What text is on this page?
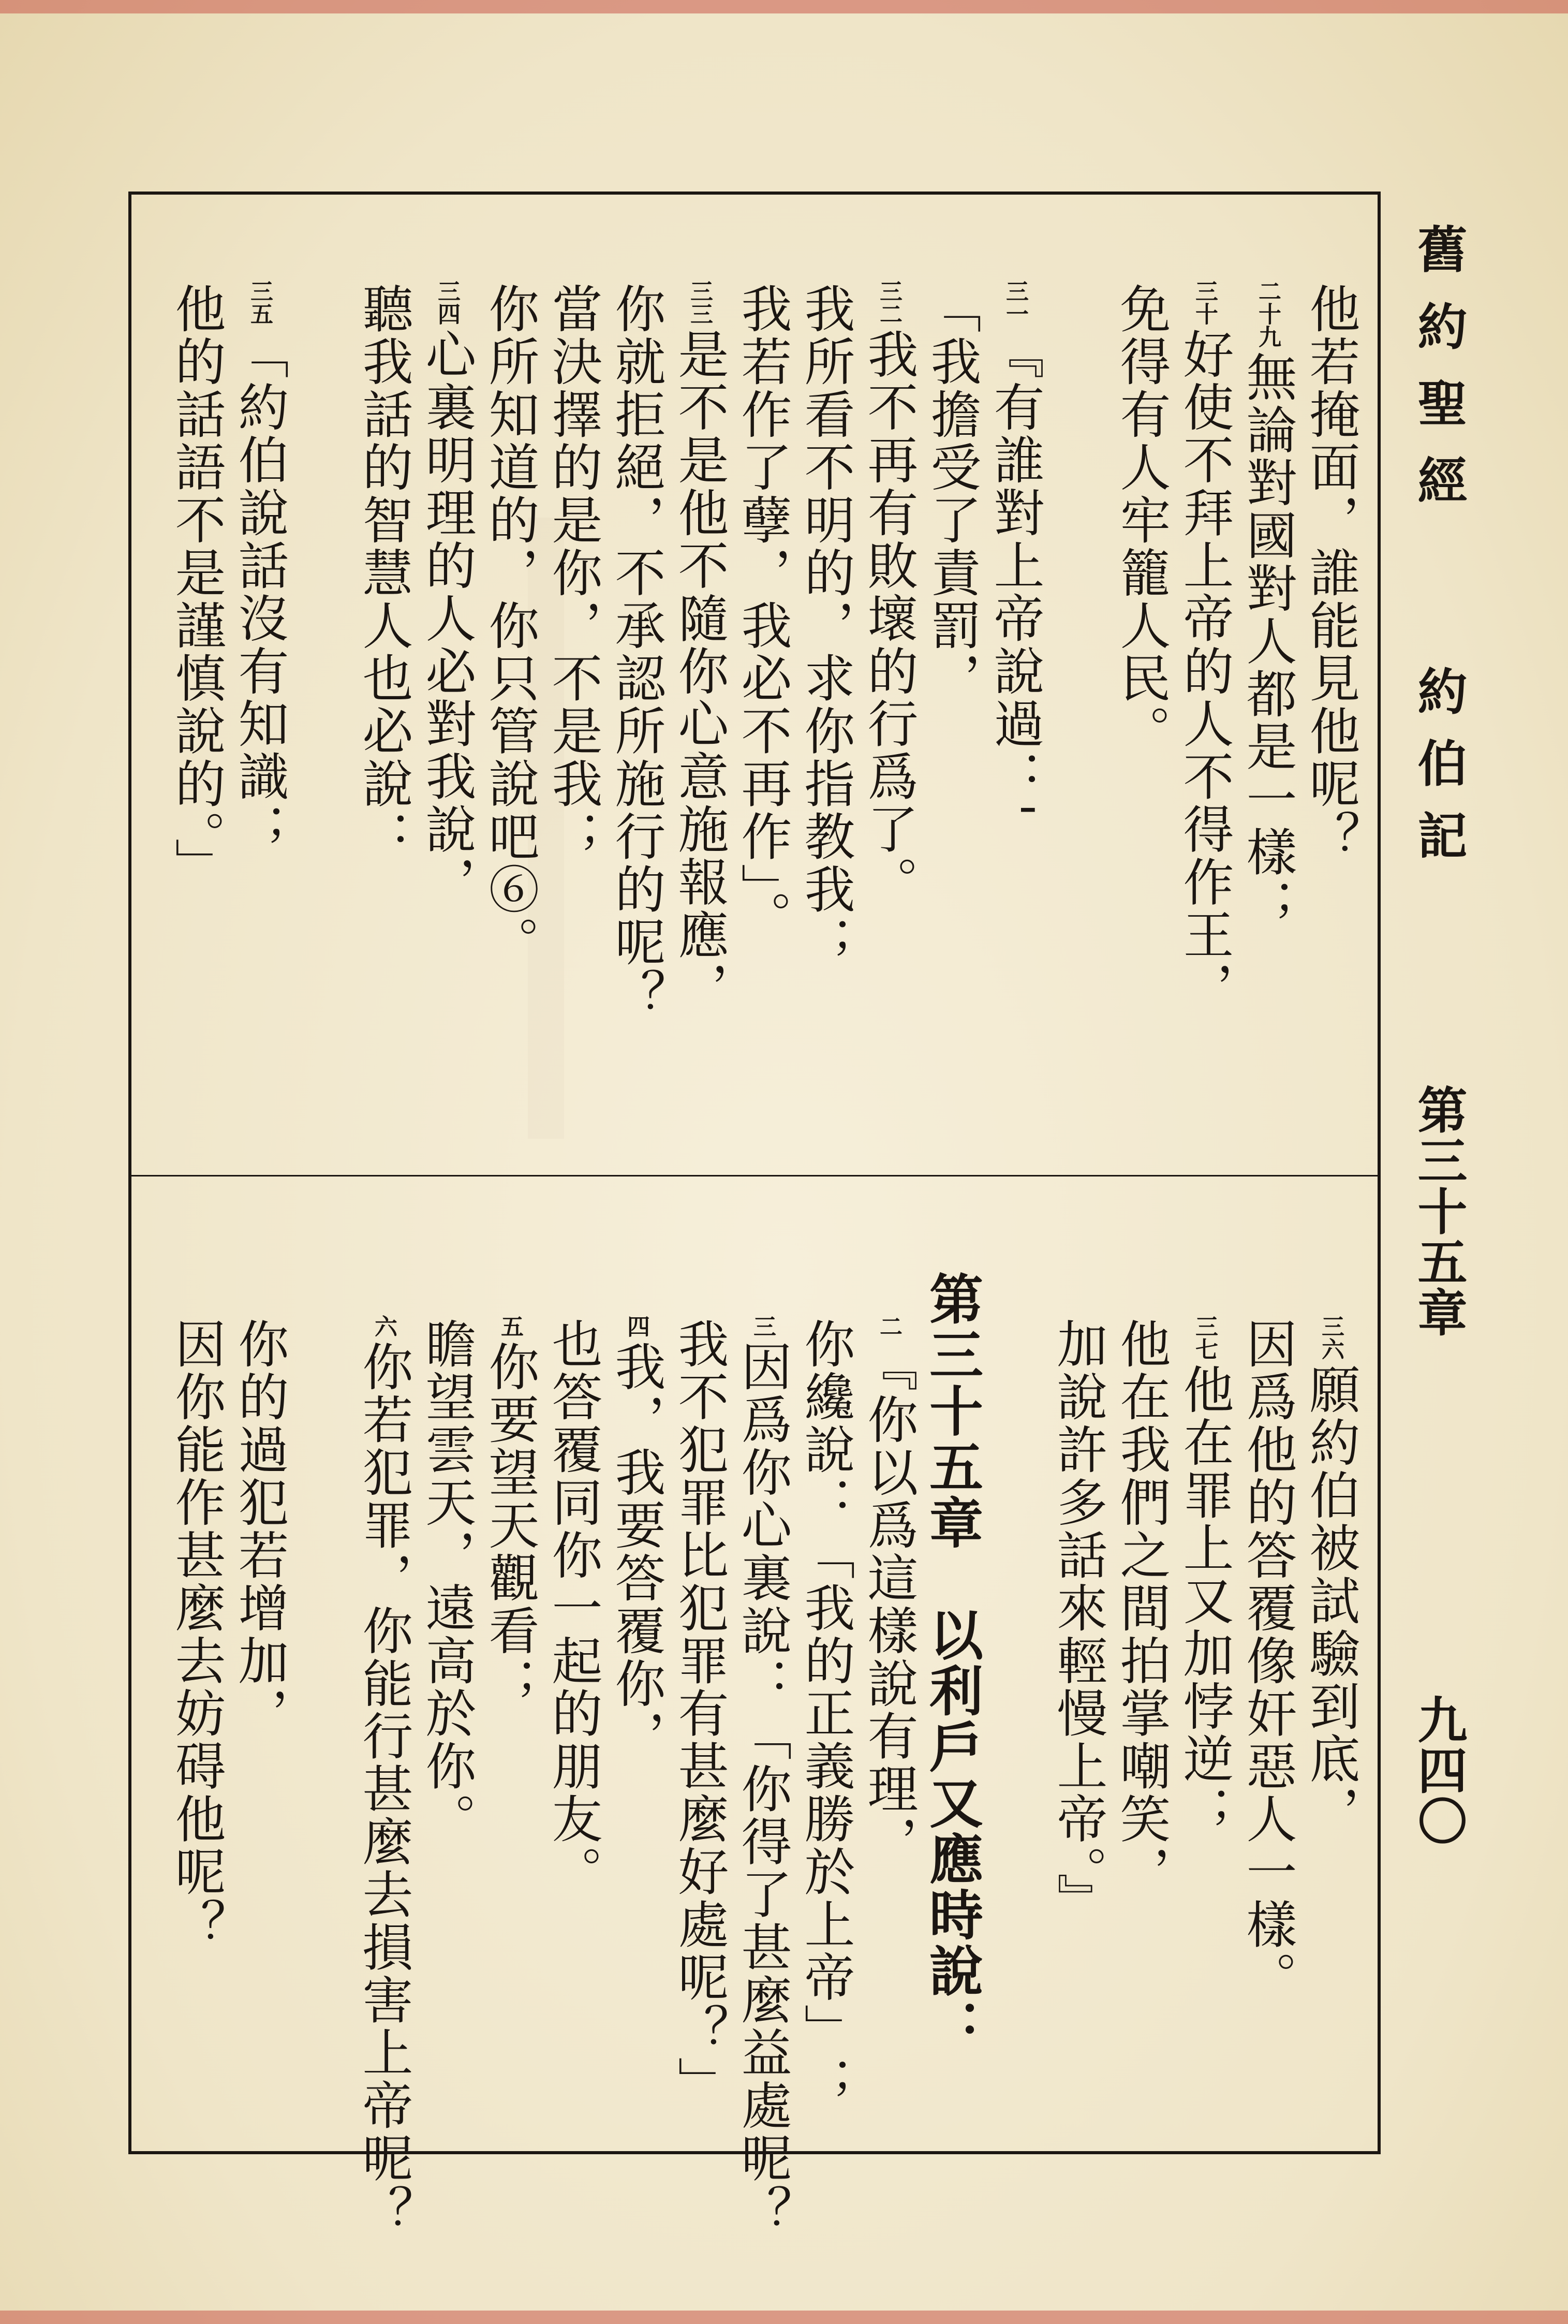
舊約聖經
約伯記
第三十五章
九四〇
他若掩面，誰能見他呢？
二十九無論對國對人都是一樣；
三十好使不拜上帝的人不得作王，
免得有人牢籠人民。
三一『有誰對上帝說過：'
「我擔受了責罰，
三二我不再有敗壞的行爲了。
我所看不明的，求你指教我；
我若作了孽，我必不再作」。
三三是不是他不隨你心意施報應，
你就拒絕，不承認所施行的呢？
當決擇的是你，不是我；
你所知道的，你只管說吧⑥。
三四心裏明理的人必對我說，
聽我話的智慧人也必說：
三五「約伯說話沒有知識；
他的話語不是謹慎說的。」
三六願約伯被試驗到底，
因爲他的答覆像奸惡人一樣。
三七他在罪上又加悖逆；
他在我們之間拍掌嘲笑，
加說許多話來輕慢上帝。』
第三十五章　以利戶又應時說：
二『你以爲這樣說有理，
你纔說：「我的正義勝於上帝」；
三因爲你心裏說：「你得了甚麼益處呢？
我不犯罪比犯罪有甚麼好處呢？」
四我，我要答覆你，
也答覆同你一起的朋友。
五你要望天觀看；
瞻望雲天，遠高於你。
六你若犯罪，你能行甚麼去損害上帝呢？
你的過犯若增加，
因你能作甚麼去妨碍他呢？
